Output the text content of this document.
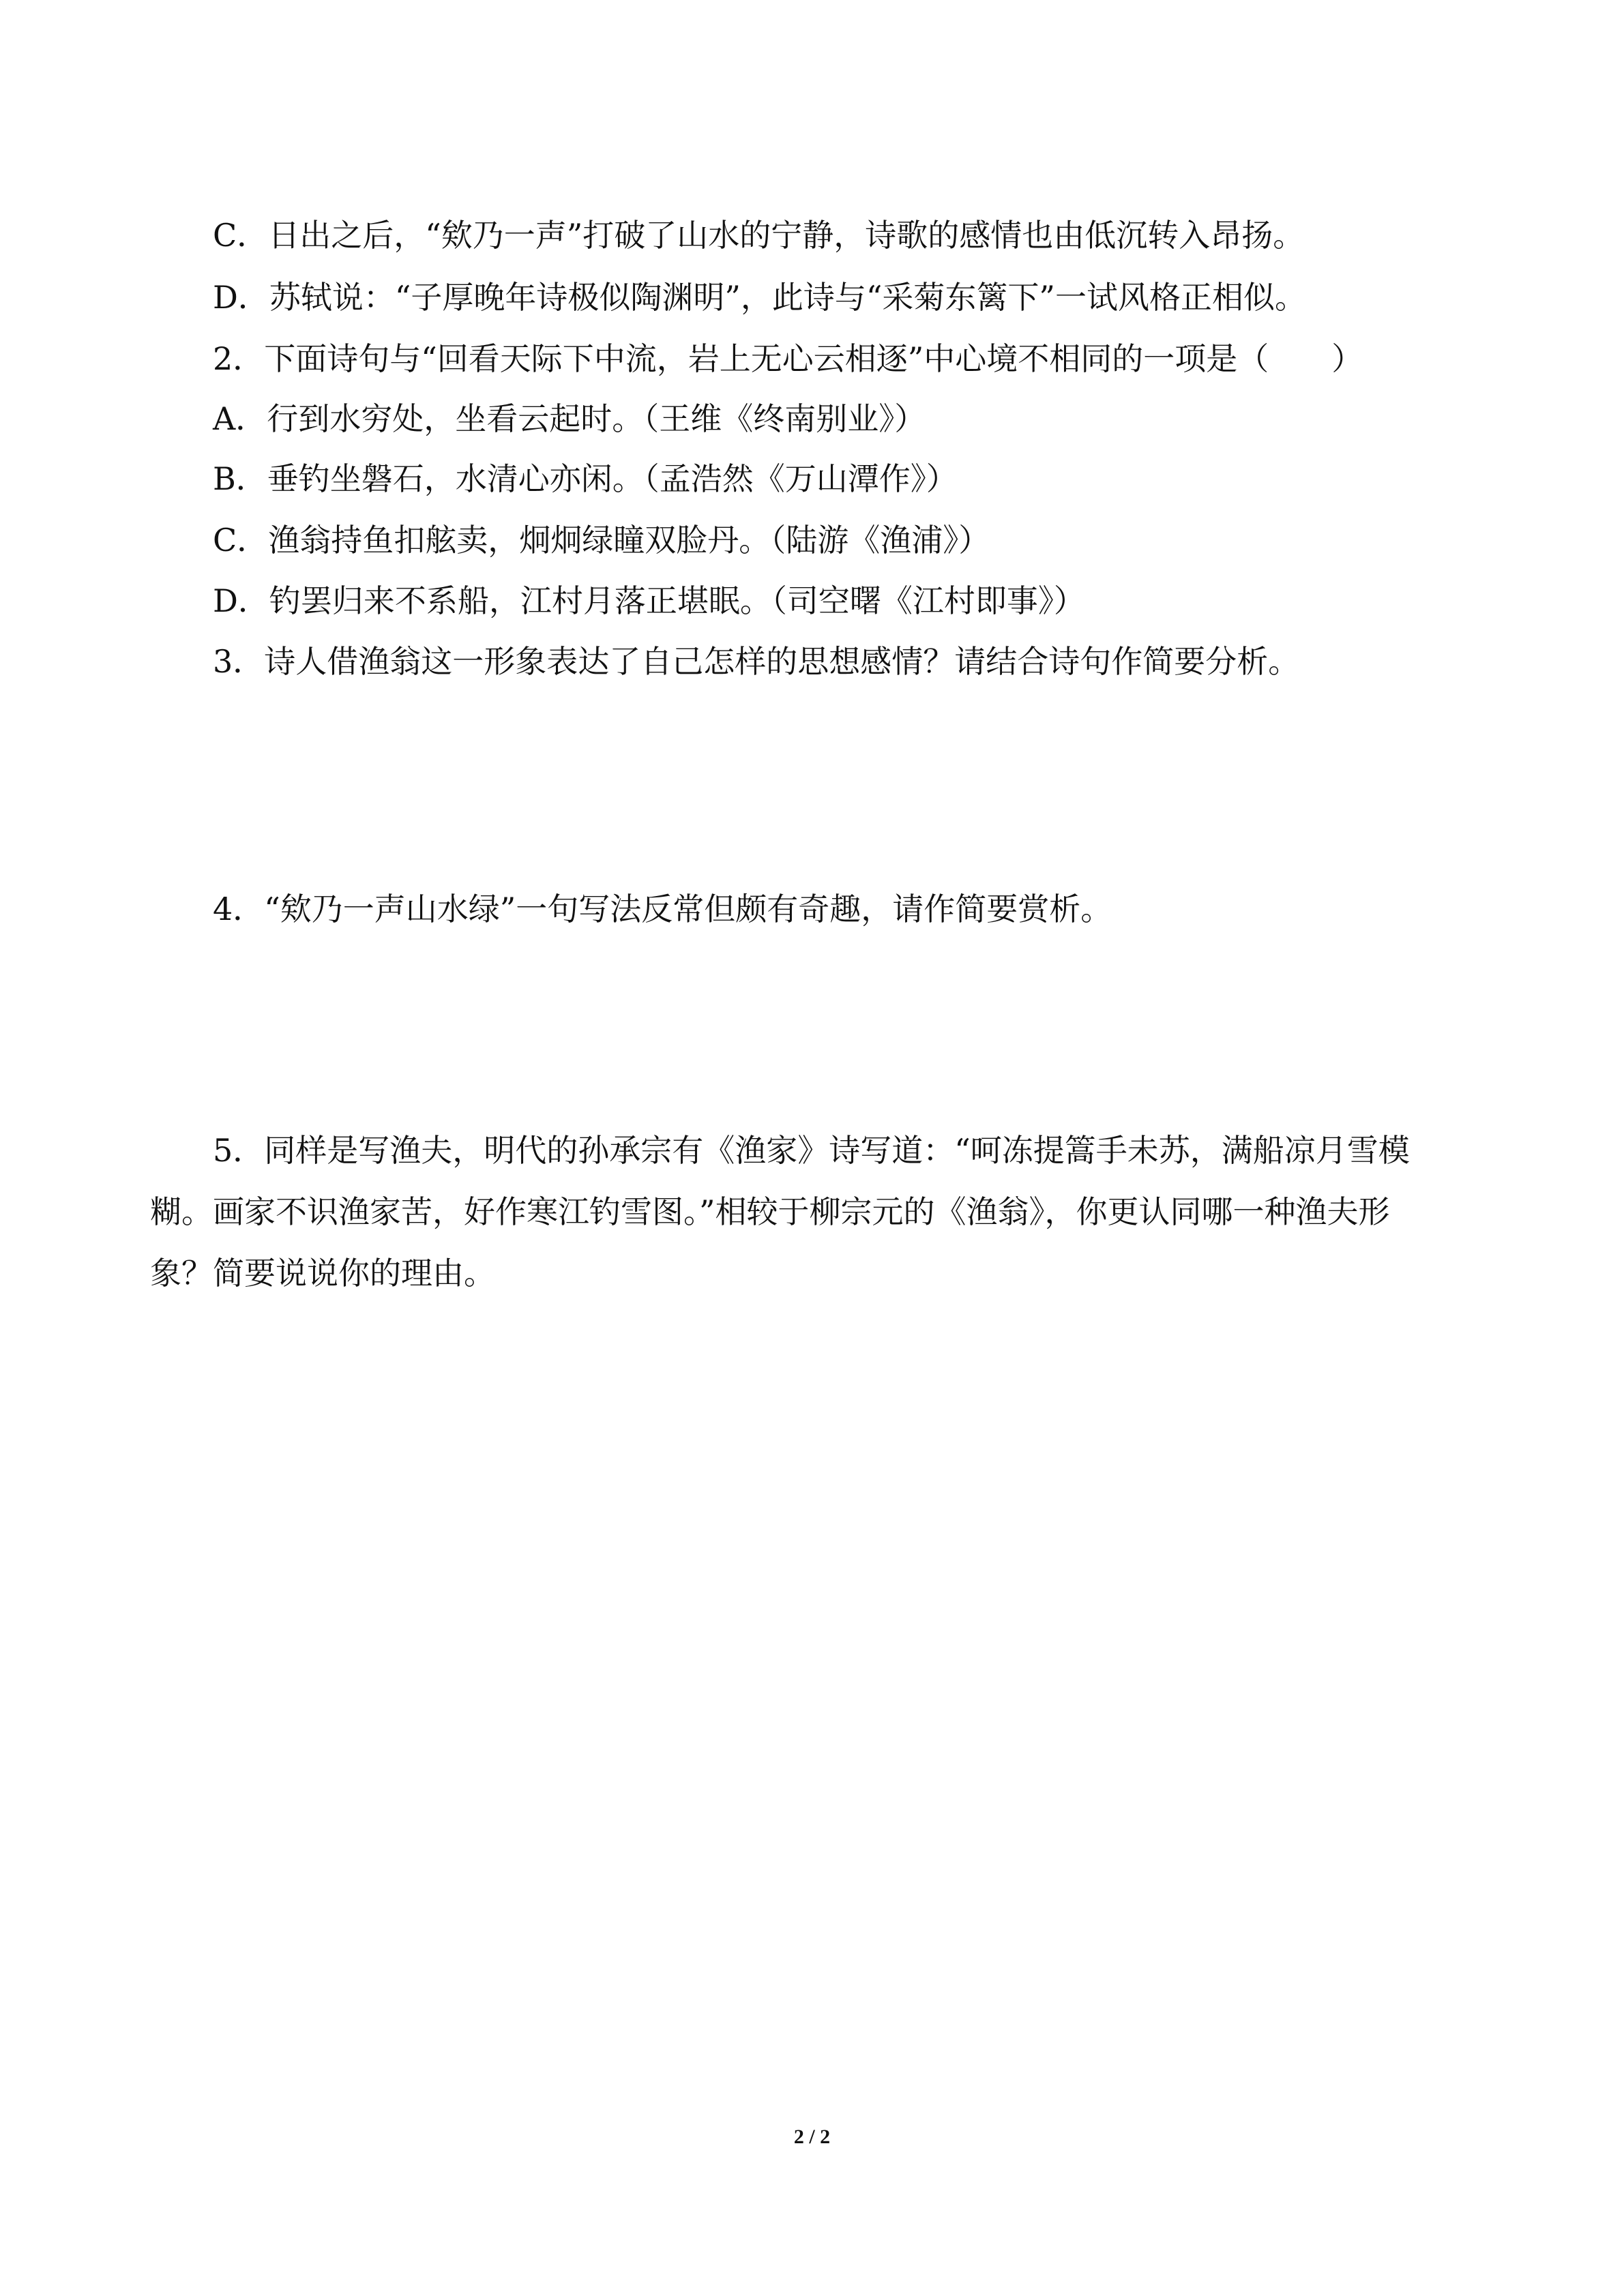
C．日出之后，“欸乃一声”打破了山水的宁静，诗歌的感情也由低沉转入昂扬。
D．苏轼说：“子厚晚年诗极似陶渊明”，此诗与“采菊东篱下”一试风格正相似。
2．下面诗句与“回看天际下中流，岩上无心云相逐”中心境不相同的一项是（　　）
A．行到水穷处，坐看云起时。（王维《终南别业》）
B．垂钓坐磐石，水清心亦闲。（孟浩然《万山潭作》）
C．渔翁持鱼扣舷卖，炯炯绿瞳双脸丹。（陆游《渔浦》）
D．钓罢归来不系船，江村月落正堪眠。（司空曙《江村即事》）
3．诗人借渔翁这一形象表达了自己怎样的思想感情？请结合诗句作简要分析。
4．“欸乃一声山水绿”一句写法反常但颇有奇趣，请作简要赏析。
5．同样是写渔夫，明代的孙承宗有《渔家》诗写道：“呵冻提篙手未苏，满船凉月雪模
糊。画家不识渔家苦，好作寒江钓雪图。”相较于柳宗元的《渔翁》，你更认同哪一种渔夫形
象？简要说说你的理由。
2 / 2
